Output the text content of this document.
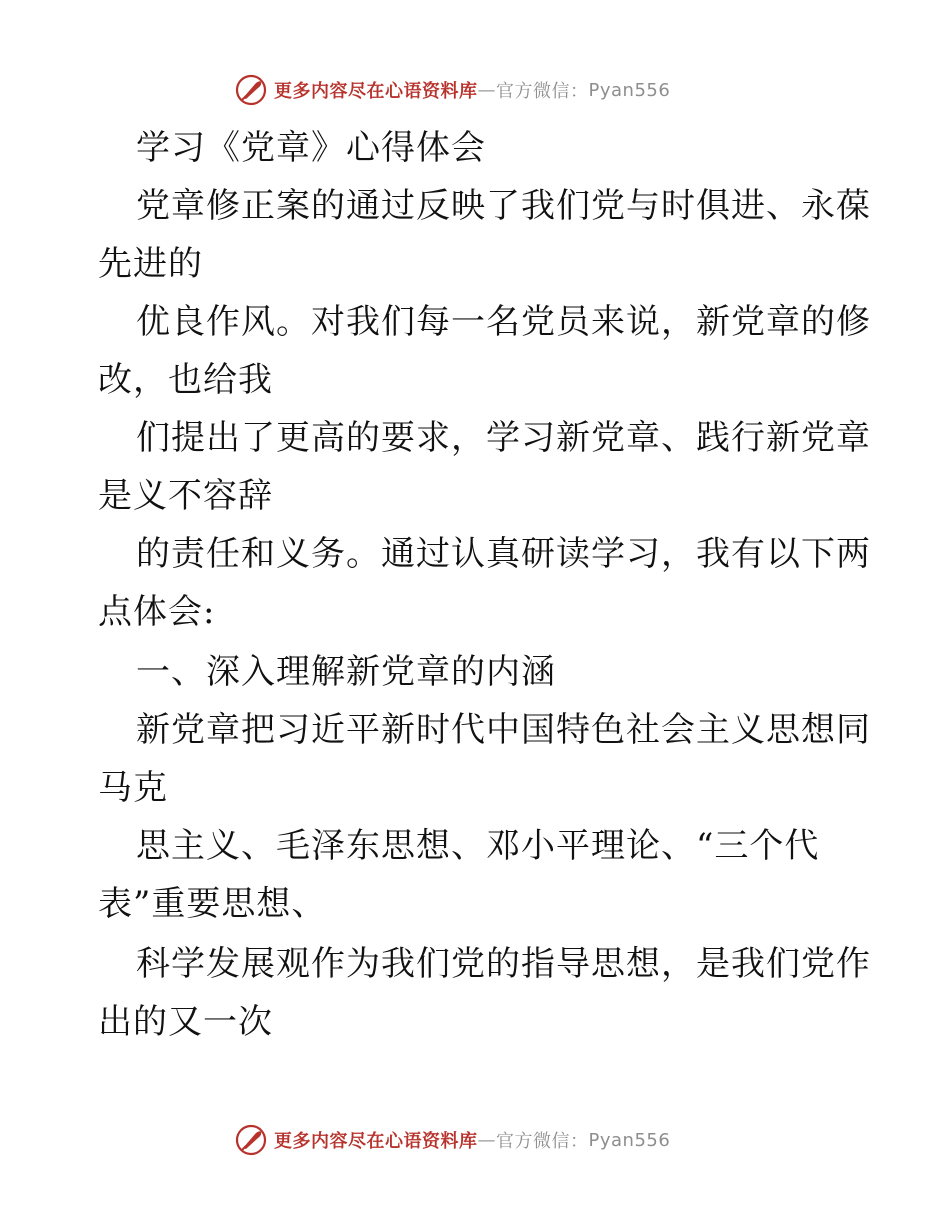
更多内容尽在心语资料库 — 官方微信： Pyan556
学习《党章》心得体会
党章修正案的通过反映了我们党与时俱进、永葆
先进的
优良作风。对我们每一名党员来说，新党章的修
改，也给我
们提出了更高的要求，学习新党章、践行新党章
是义不容辞
的责任和义务。通过认真研读学习，我有以下两
点体会:
一、深入理解新党章的内涵
新党章把习近平新时代中国特色社会主义思想同
马克
思主义、毛泽东思想、邓小平理论、“三个代
表”重要思想、
科学发展观作为我们党的指导思想，是我们党作
出的又一次
更多内容尽在心语资料库 — 官方微信： Pyan556
